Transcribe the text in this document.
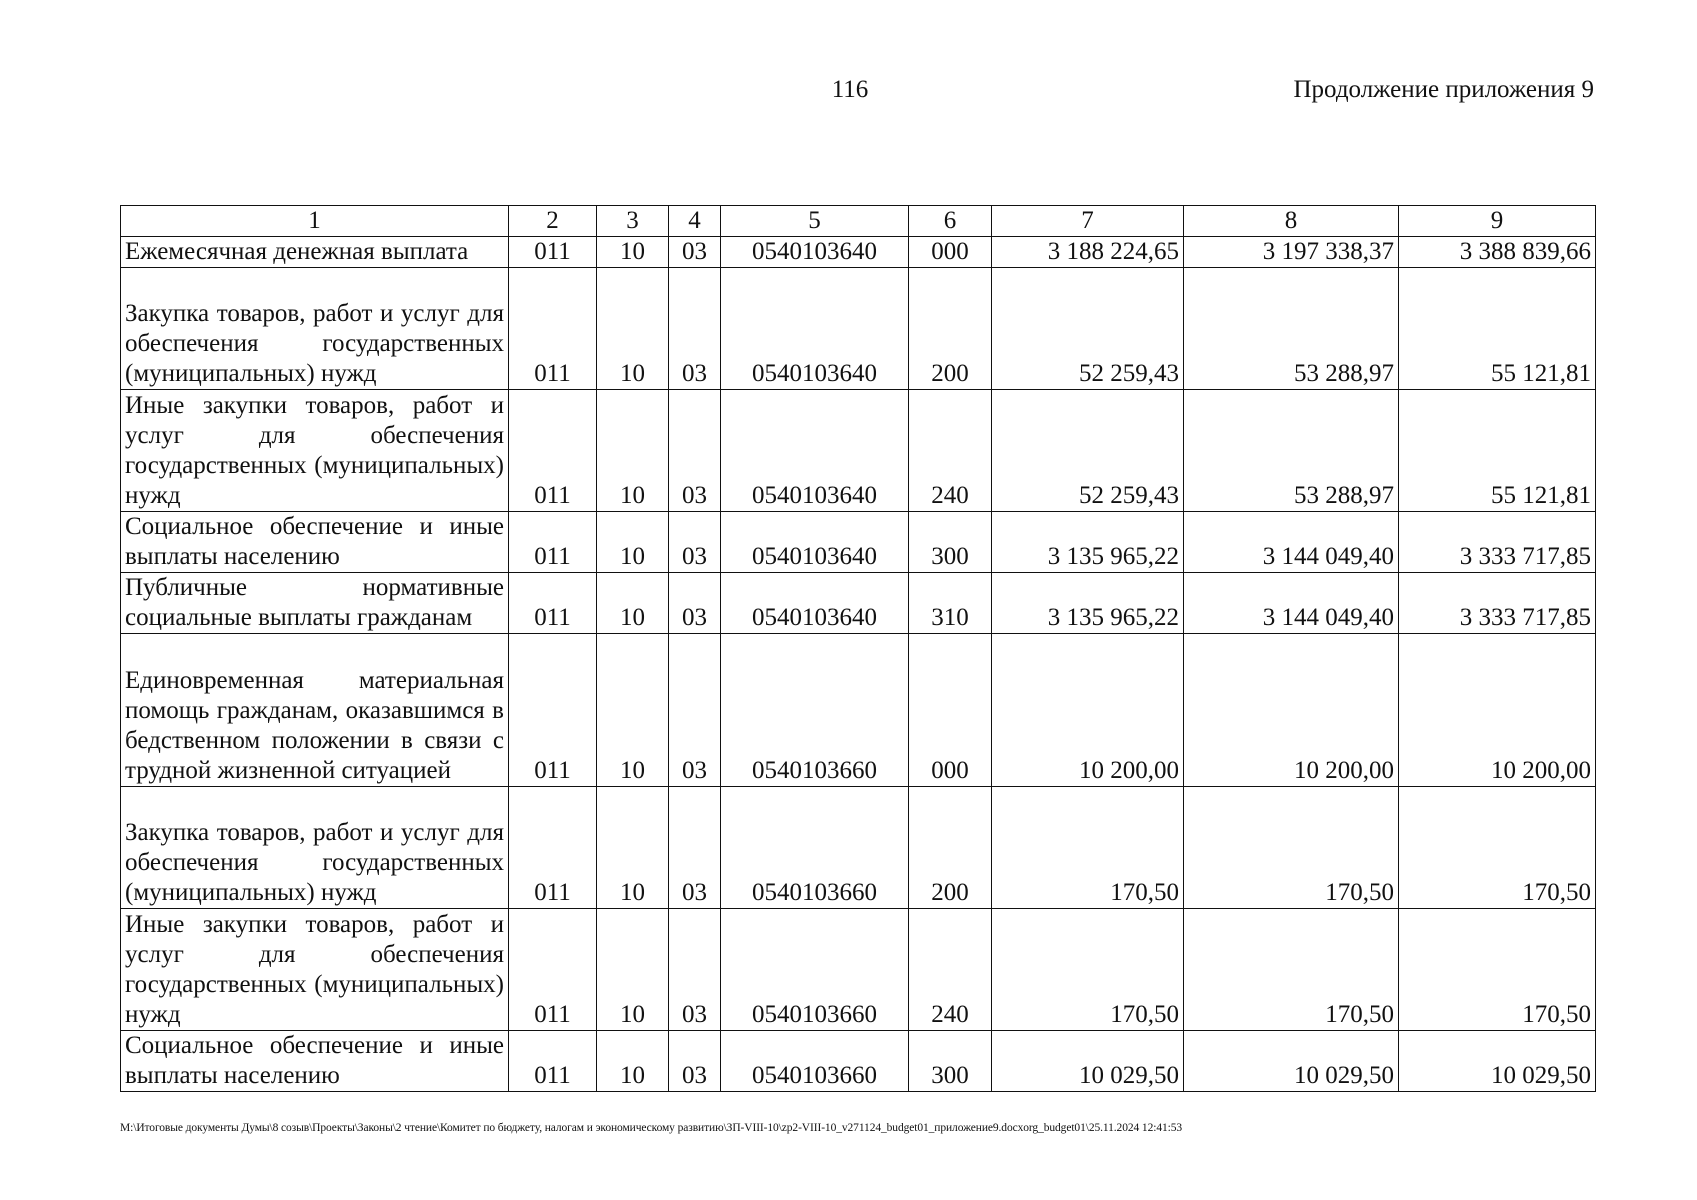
116	Продолжение приложения 9
1	2	3	4	5	6	7	8	9
Ежемесячная денежная выплата	011	10	03	0540103640	000	3 188 224,65	3 197 338,37	3 388 839,66
Закупка товаров, работ и услуг для обеспечения государственных (муниципальных) нужд	011	10	03	0540103640	200	52 259,43	53 288,97	55 121,81
Иные закупки товаров, работ и услуг для обеспечения государственных (муниципальных) нужд	011	10	03	0540103640	240	52 259,43	53 288,97	55 121,81
Социальное обеспечение и иные выплаты населению	011	10	03	0540103640	300	3 135 965,22	3 144 049,40	3 333 717,85
Публичные нормативные социальные выплаты гражданам	011	10	03	0540103640	310	3 135 965,22	3 144 049,40	3 333 717,85
Единовременная материальная помощь гражданам, оказавшимся в бедственном положении в связи с трудной жизненной ситуацией	011	10	03	0540103660	000	10 200,00	10 200,00	10 200,00
Закупка товаров, работ и услуг для обеспечения государственных (муниципальных) нужд	011	10	03	0540103660	200	170,50	170,50	170,50
Иные закупки товаров, работ и услуг для обеспечения государственных (муниципальных) нужд	011	10	03	0540103660	240	170,50	170,50	170,50
Социальное обеспечение и иные выплаты населению	011	10	03	0540103660	300	10 029,50	10 029,50	10 029,50
М:\Итоговые документы Думы\8 созыв\Проекты\Законы\2 чтение\Комитет по бюджету, налогам и экономическому развитию\ЗП-VIII-10\zp2-VIII-10_v271124_budget01_приложение9.docxorg_budget01\25.11.2024 12:41:53
